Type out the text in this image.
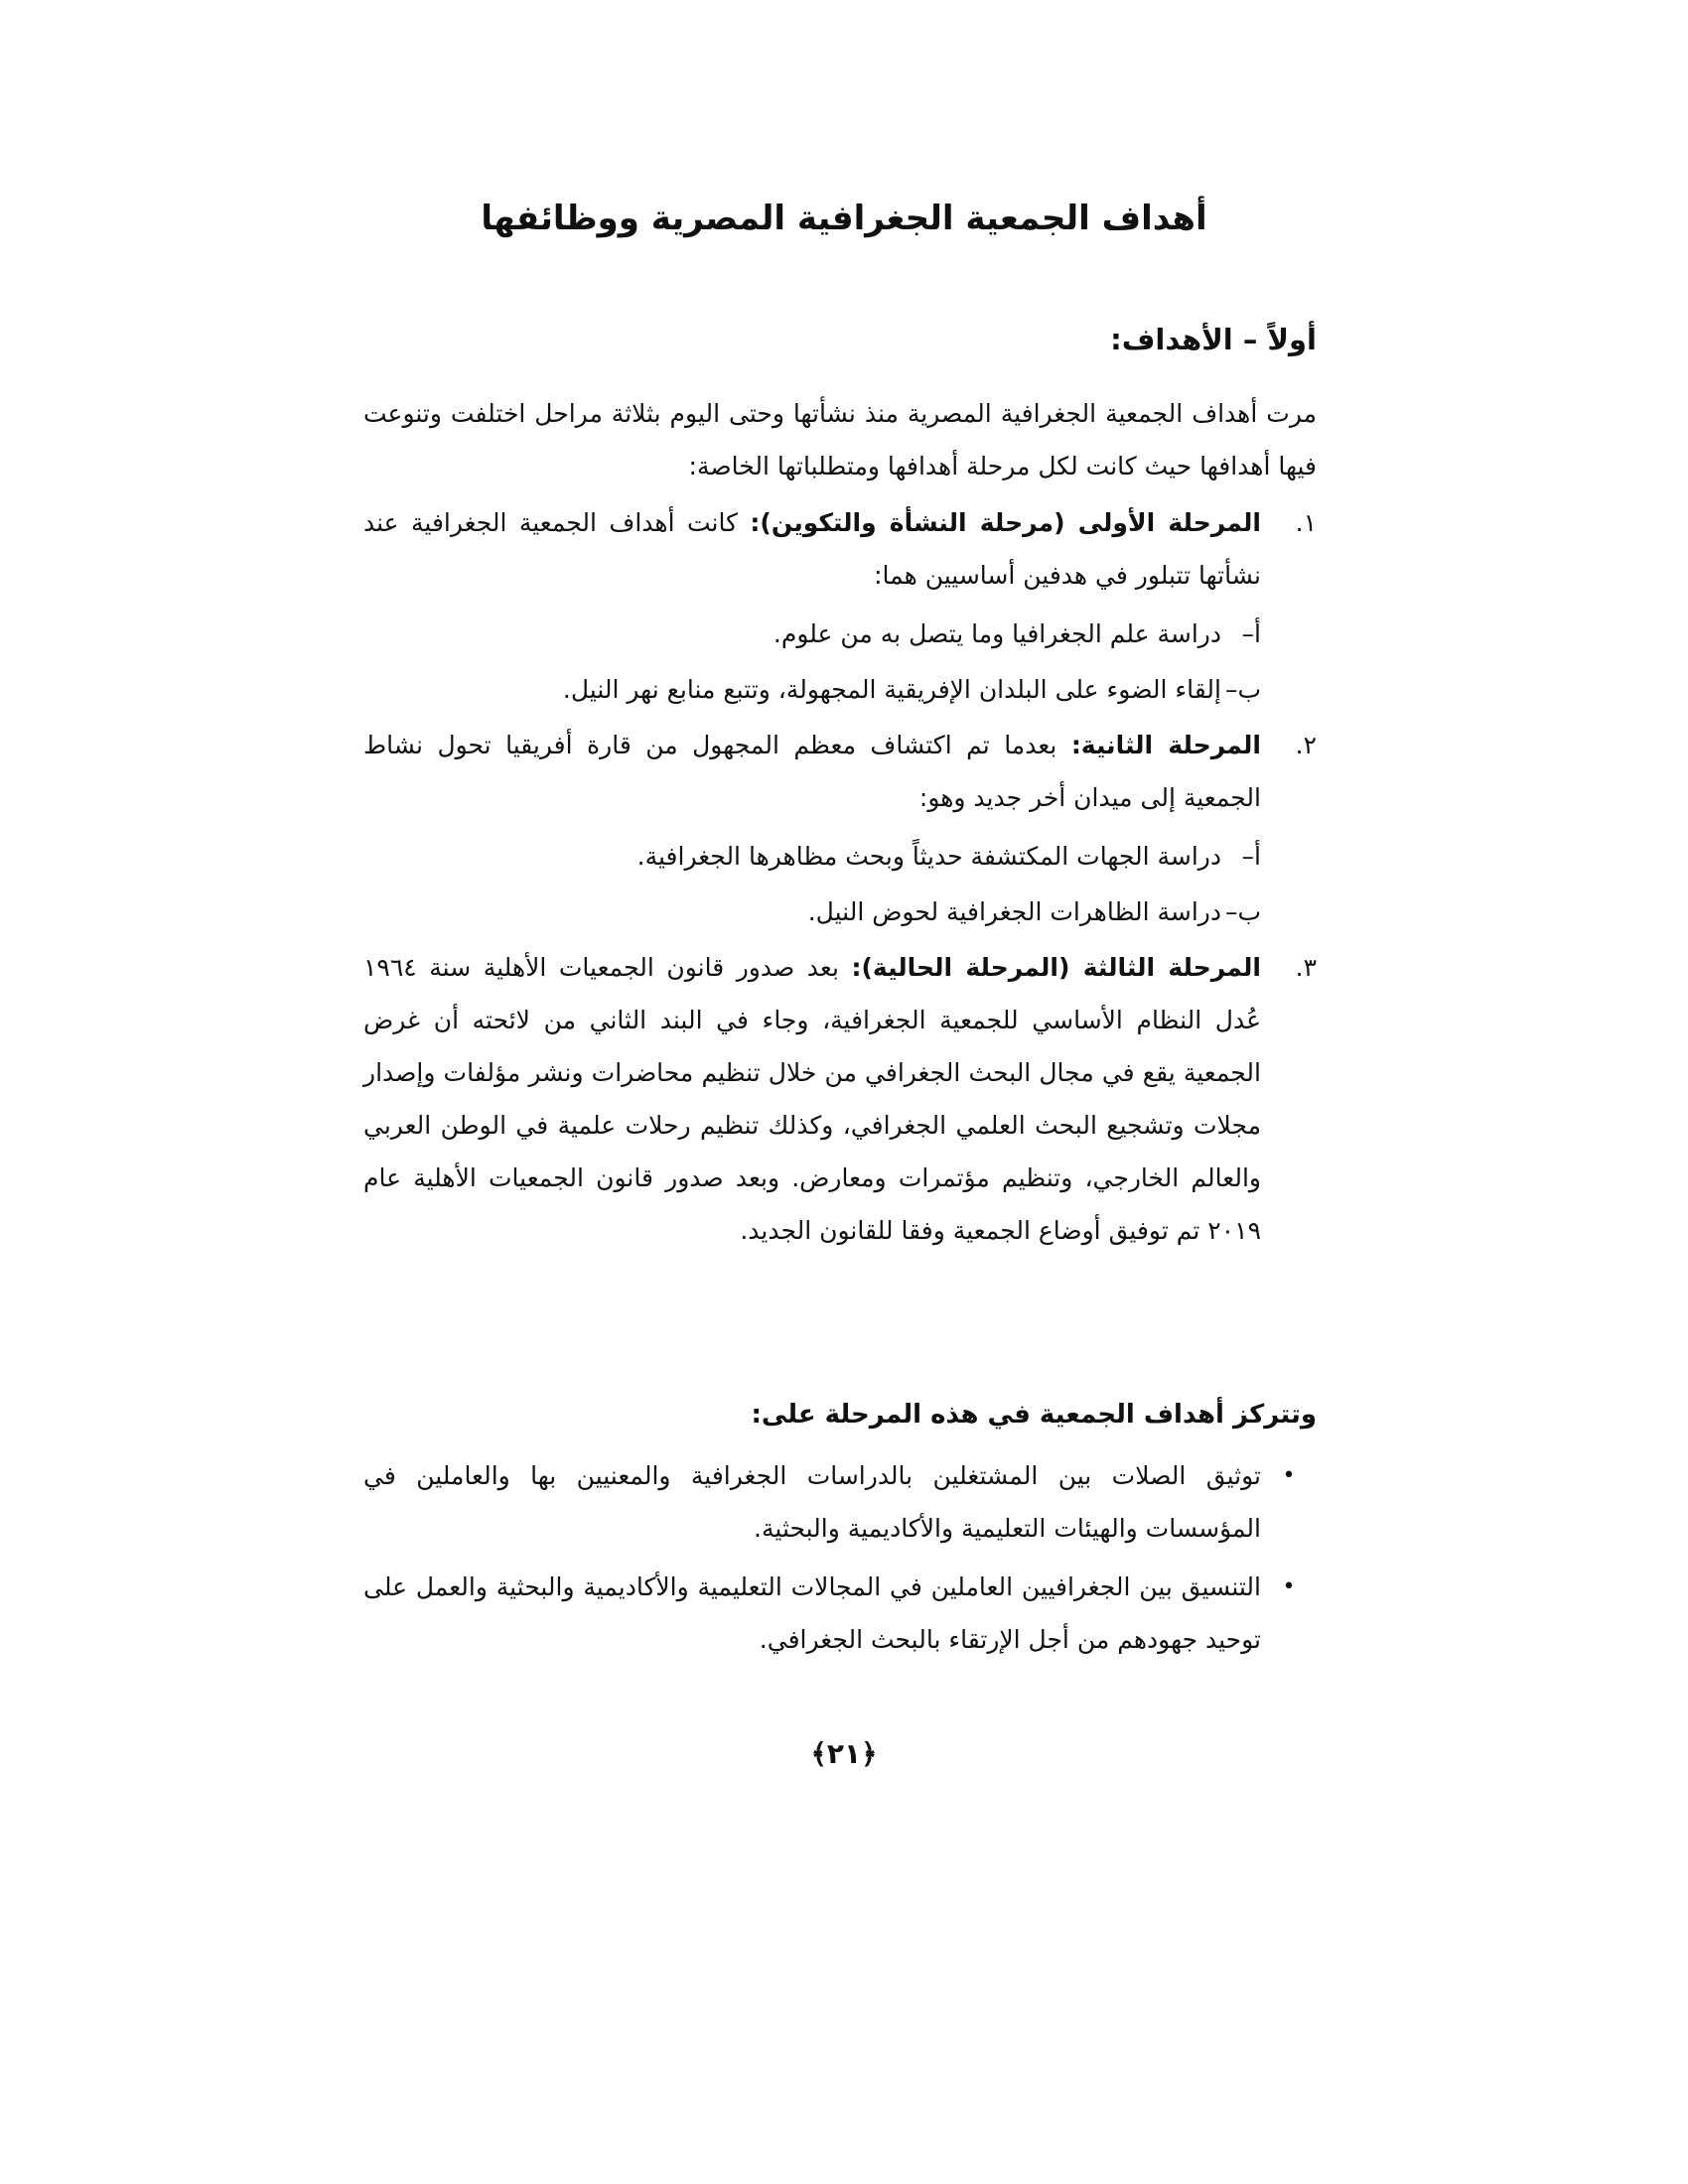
أهداف الجمعية الجغرافية المصرية ووظائفها
أولاً – الأهداف:

مرت أهداف الجمعية الجغرافية المصرية منذ نشأتها وحتى اليوم بثلاثة مراحل اختلفت وتنوعت فيها أهدافها حيث كانت لكل مرحلة أهدافها ومتطلباتها الخاصة:

١.

المرحلة الأولى (مرحلة النشأة والتكوين): كانت أهداف الجمعية الجغرافية عند نشأتها تتبلور في هدفين أساسيين هما:

أ–دراسة علم الجغرافيا وما يتصل به من علوم.

ب–إلقاء الضوء على البلدان الإفريقية المجهولة، وتتبع منابع نهر النيل.

٢.

المرحلة الثانية: بعدما تم اكتشاف معظم المجهول من قارة أفريقيا تحول نشاط الجمعية إلى ميدان أخر جديد وهو:

أ–دراسة الجهات المكتشفة حديثاً وبحث مظاهرها الجغرافية.

ب–دراسة الظاهرات الجغرافية لحوض النيل.

٣.

المرحلة الثالثة (المرحلة الحالية): بعد صدور قانون الجمعيات الأهلية سنة ١٩٦٤ عُدل النظام الأساسي للجمعية الجغرافية، وجاء في البند الثاني من لائحته أن غرض الجمعية يقع في مجال البحث الجغرافي من خلال تنظيم محاضرات ونشر مؤلفات وإصدار مجلات وتشجيع البحث العلمي الجغرافي، وكذلك تنظيم رحلات علمية في الوطن العربي والعالم الخارجي، وتنظيم مؤتمرات ومعارض. وبعد صدور قانون الجمعيات الأهلية عام ٢٠١٩ تم توفيق أوضاع الجمعية وفقا للقانون الجديد.

وتتركز أهداف الجمعية في هذه المرحلة على:
•

توثيق الصلات بين المشتغلين بالدراسات الجغرافية والمعنيين بها والعاملين في المؤسسات والهيئات التعليمية والأكاديمية والبحثية.

•

التنسيق بين الجغرافيين العاملين في المجالات التعليمية والأكاديمية والبحثية والعمل على توحيد جهودهم من أجل الإرتقاء بالبحث الجغرافي.

﴿٢١﴾
